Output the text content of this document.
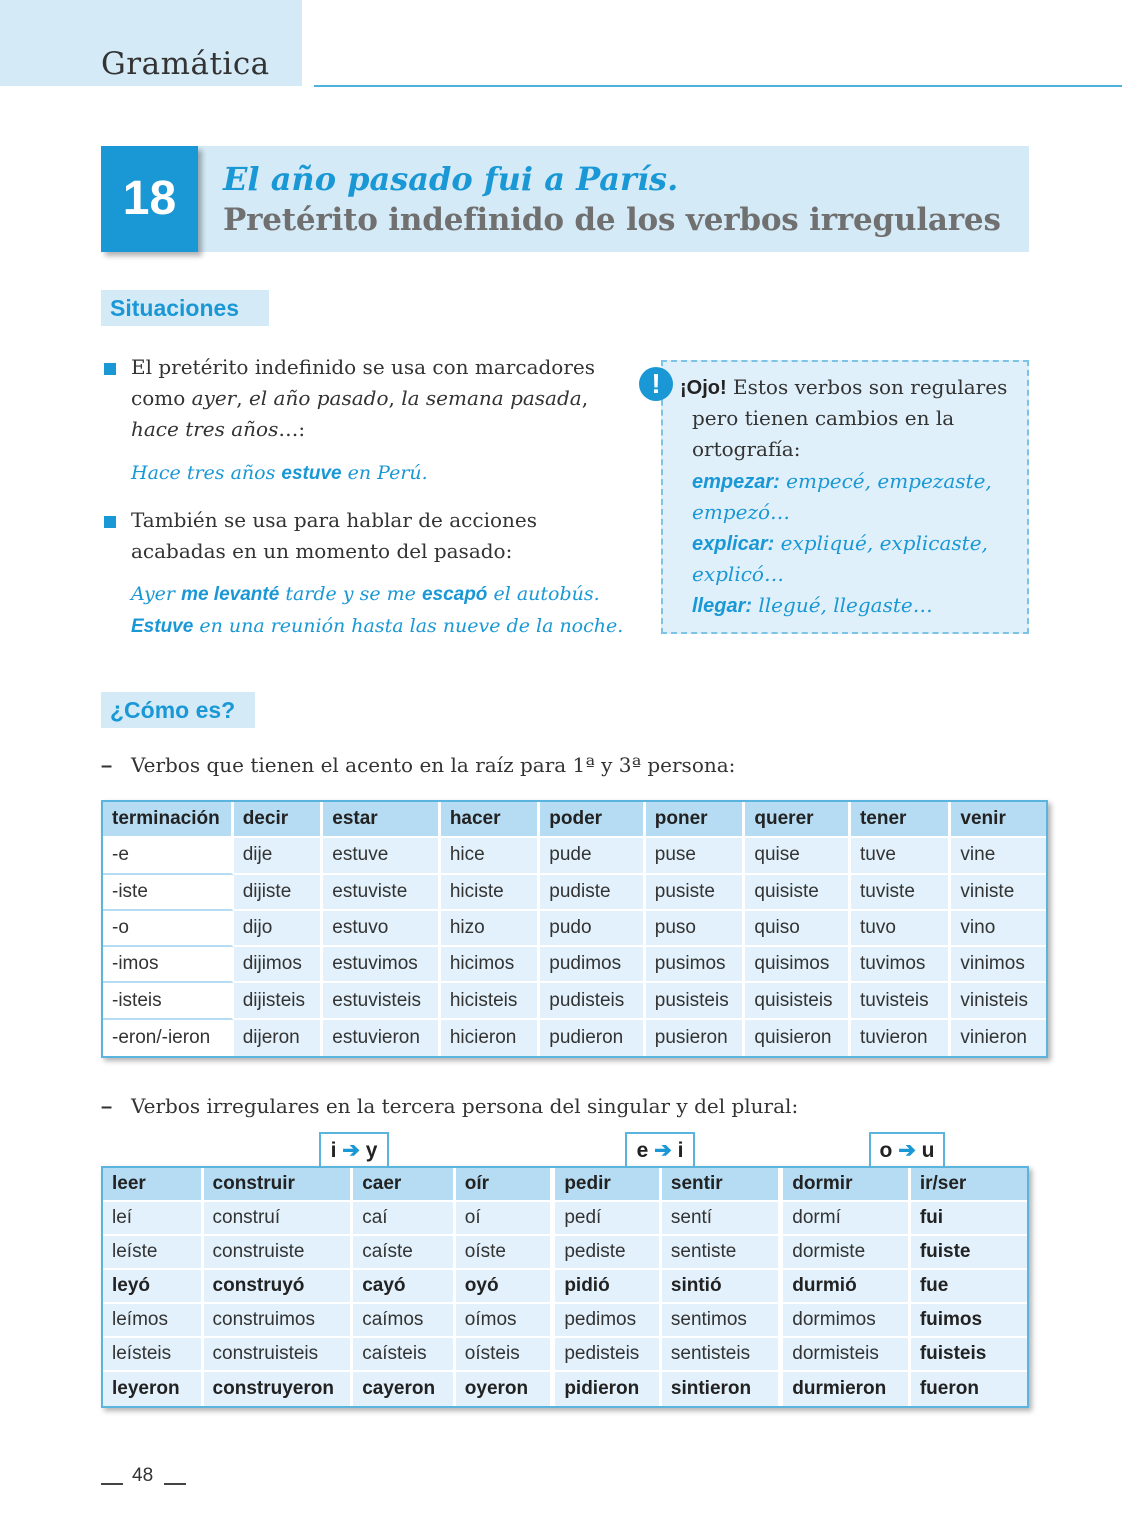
Gramática
18	El año pasado fui a París.
Pretérito indefinido de los verbos irregulares
Situaciones
El pretérito indefinido se usa con marcadores
como ayer, el año pasado, la semana pasada,
hace tres años…:
Hace tres años estuve en Perú.
También se usa para hablar de acciones
acabadas en un momento del pasado:
Ayer me levanté tarde y se me escapó el autobús.
Estuve en una reunión hasta las nueve de la noche.
! ¡Ojo! Estos verbos son regulares
pero tienen cambios en la
ortografía:
empezar: empecé, empezaste,
empezó…
explicar: expliqué, explicaste,
explicó…
llegar: llegué, llegaste…
¿Cómo es?
– Verbos que tienen el acento en la raíz para 1ª y 3ª persona:
terminación	decir	estar	hacer	poder	poner	querer	tener	venir
-e	dije	estuve	hice	pude	puse	quise	tuve	vine
-iste	dijiste	estuviste	hiciste	pudiste	pusiste	quisiste	tuviste	viniste
-o	dijo	estuvo	hizo	pudo	puso	quiso	tuvo	vino
-imos	dijimos	estuvimos	hicimos	pudimos	pusimos	quisimos	tuvimos	vinimos
-isteis	dijisteis	estuvisteis	hicisteis	pudisteis	pusisteis	quisisteis	tuvisteis	vinisteis
-eron/-ieron	dijeron	estuvieron	hicieron	pudieron	pusieron	quisieron	tuvieron	vinieron
– Verbos irregulares en la tercera persona del singular y del plural:
i ➔ y	e ➔ i	o ➔ u
leer	construir	caer	oír	pedir	sentir	dormir	ir/ser
leí	construí	caí	oí	pedí	sentí	dormí	fui
leíste	construiste	caíste	oíste	pediste	sentiste	dormiste	fuiste
leyó	construyó	cayó	oyó	pidió	sintió	durmió	fue
leímos	construimos	caímos	oímos	pedimos	sentimos	dormimos	fuimos
leísteis	construisteis	caísteis	oísteis	pedisteis	sentisteis	dormisteis	fuisteis
leyeron	construyeron	cayeron	oyeron	pidieron	sintieron	durmieron	fueron
48
